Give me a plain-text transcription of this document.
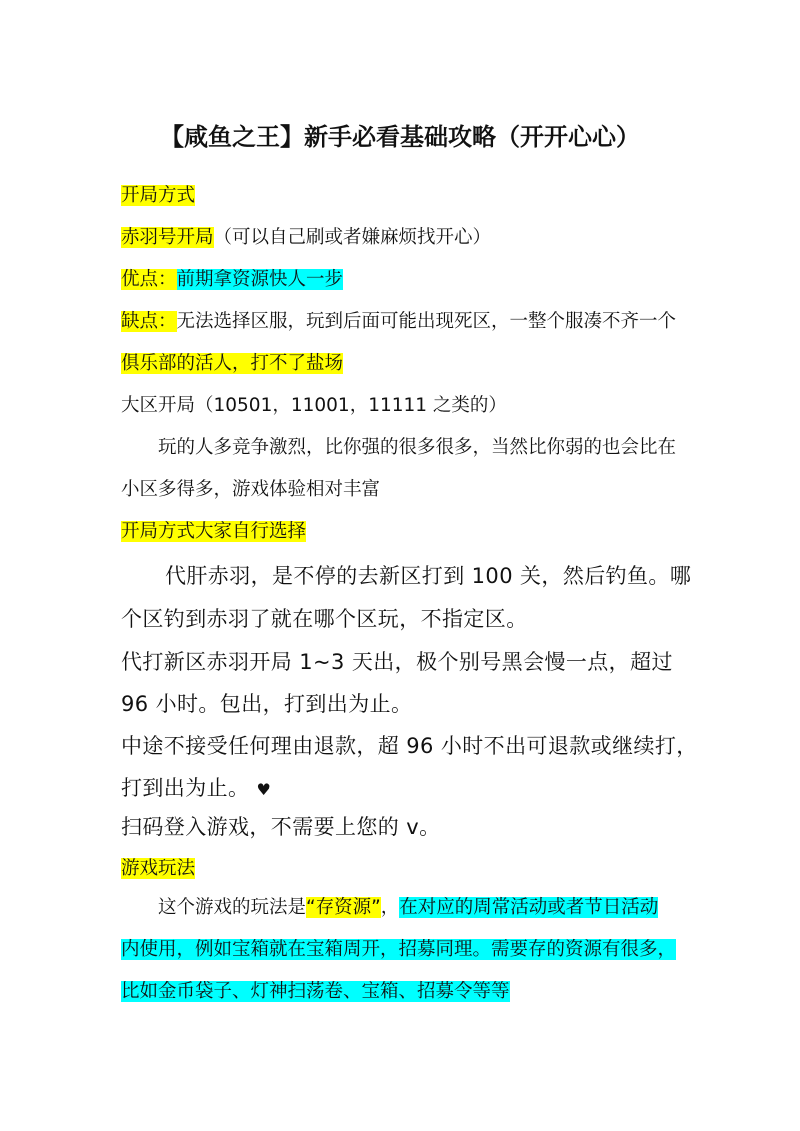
【咸鱼之王】新手必看基础攻略（开开心心）
开局方式
赤羽号开局（可以自己刷或者嫌麻烦找开心）
优点：前期拿资源快人一步
缺点：无法选择区服，玩到后面可能出现死区，一整个服凑不齐一个
俱乐部的活人，打不了盐场
大区开局（10501，11001，11111 之类的）
玩的人多竞争激烈，比你强的很多很多，当然比你弱的也会比在
小区多得多，游戏体验相对丰富
开局方式大家自行选择
代肝赤羽，是不停的去新区打到 100 关，然后钓鱼。哪
个区钓到赤羽了就在哪个区玩，不指定区。
代打新区赤羽开局 1~3 天出，极个别号黑会慢一点，超过
96 小时。包出，打到出为止。
中途不接受任何理由退款，超 96 小时不出可退款或继续打，
打到出为止。 ♥
扫码登入游戏，不需要上您的 v。
游戏玩法
这个游戏的玩法是“存资源”，在对应的周常活动或者节日活动
内使用，例如宝箱就在宝箱周开，招募同理。需要存的资源有很多，
比如金币袋子、灯神扫荡卷、宝箱、招募令等等
